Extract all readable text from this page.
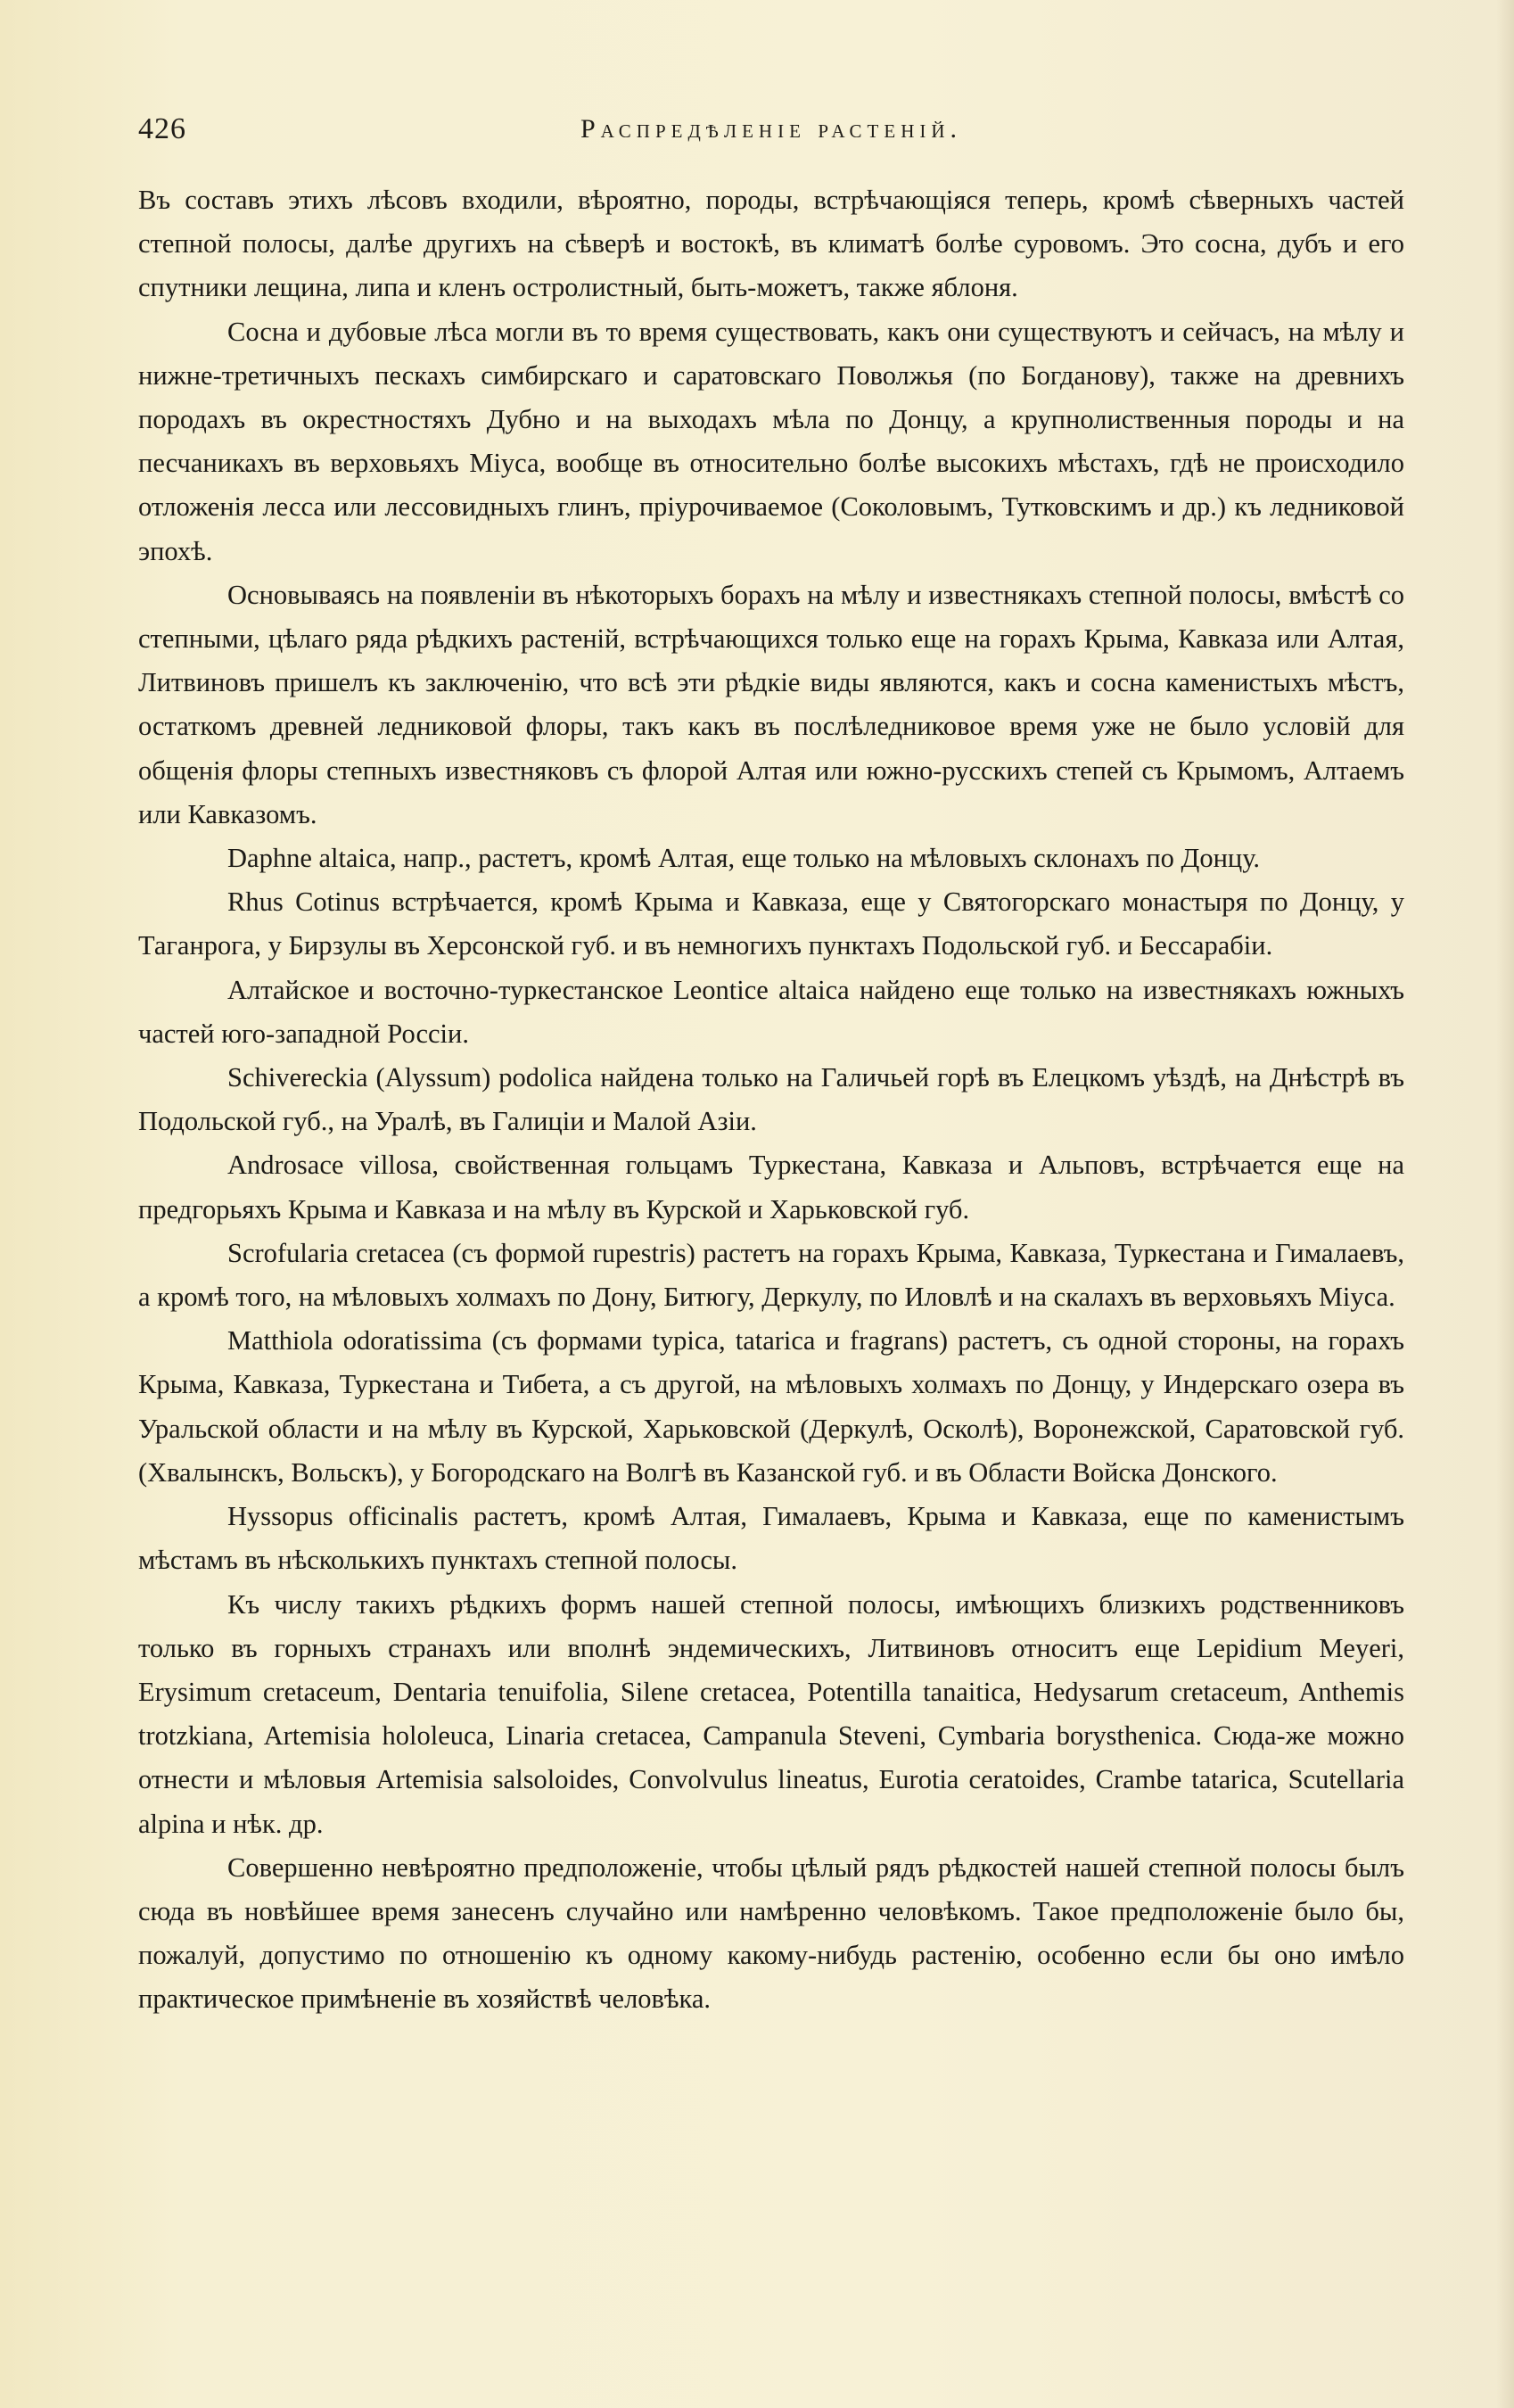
426	Распредѣленіе растеній.

Въ составъ этихъ лѣсовъ входили, вѣроятно, породы, встрѣчающіяся теперь, кромѣ сѣверныхъ частей степной полосы, далѣе другихъ на сѣверѣ и востокѣ, въ климатѣ болѣе суровомъ. Это сосна, дубъ и его спутники лещина, липа и кленъ остролистный, быть-можетъ, также яблоня.

Сосна и дубовые лѣса могли въ то время существовать, какъ они существуютъ и сейчасъ, на мѣлу и нижне-третичныхъ пескахъ симбирскаго и саратовскаго Поволжья (по Богданову), также на древнихъ породахъ въ окрестностяхъ Дубно и на выходахъ мѣла по Донцу, а крупнолиственныя породы и на песчаникахъ въ верховьяхъ Міуса, вообще въ относительно болѣе высокихъ мѣстахъ, гдѣ не происходило отложенія лесса или лессовидныхъ глинъ, пріурочиваемое (Соколовымъ, Тутковскимъ и др.) къ ледниковой эпохѣ.

Основываясь на появленіи въ нѣкоторыхъ борахъ на мѣлу и известнякахъ степной полосы, вмѣстѣ со степными, цѣлаго ряда рѣдкихъ растеній, встрѣчающихся только еще на горахъ Крыма, Кавказа или Алтая, Литвиновъ пришелъ къ заключенію, что всѣ эти рѣдкіе виды являются, какъ и сосна каменистыхъ мѣстъ, остаткомъ древней ледниковой флоры, такъ какъ въ послѣледниковое время уже не было условій для общенія флоры степныхъ известняковъ съ флорой Алтая или южно-русскихъ степей съ Крымомъ, Алтаемъ или Кавказомъ.

Daphne altaica, напр., растетъ, кромѣ Алтая, еще только на мѣловыхъ склонахъ по Донцу.

Rhus Cotinus встрѣчается, кромѣ Крыма и Кавказа, еще у Святогорскаго монастыря по Донцу, у Таганрога, у Бирзулы въ Херсонской губ. и въ немногихъ пунктахъ Подольской губ. и Бессарабіи.

Алтайское и восточно-туркестанское Leontice altaica найдено еще только на известнякахъ южныхъ частей юго-западной Россіи.

Schivereckia (Alyssum) podolica найдена только на Галичьей горѣ въ Елецкомъ уѣздѣ, на Днѣстрѣ въ Подольской губ., на Уралѣ, въ Галиціи и Малой Азіи.

Androsace villosa, свойственная гольцамъ Туркестана, Кавказа и Альповъ, встрѣчается еще на предгорьяхъ Крыма и Кавказа и на мѣлу въ Курской и Харьковской губ.

Scrofularia cretacea (съ формой rupestris) растетъ на горахъ Крыма, Кавказа, Туркестана и Гималаевъ, а кромѣ того, на мѣловыхъ холмахъ по Дону, Битюгу, Деркулу, по Иловлѣ и на скалахъ въ верховьяхъ Міуса.

Matthiola odoratissima (съ формами typica, tatarica и fragrans) растетъ, съ одной стороны, на горахъ Крыма, Кавказа, Туркестана и Тибета, а съ другой, на мѣловыхъ холмахъ по Донцу, у Индерскаго озера въ Уральской области и на мѣлу въ Курской, Харьковской (Деркулѣ, Осколѣ), Воронежской, Саратовской губ. (Хвалынскъ, Вольскъ), у Богородскаго на Волгѣ въ Казанской губ. и въ Области Войска Донского.

Hyssopus officinalis растетъ, кромѣ Алтая, Гималаевъ, Крыма и Кавказа, еще по каменистымъ мѣстамъ въ нѣсколькихъ пунктахъ степной полосы.

Къ числу такихъ рѣдкихъ формъ нашей степной полосы, имѣющихъ близкихъ родственниковъ только въ горныхъ странахъ или вполнѣ эндемическихъ, Литвиновъ относитъ еще Lepidium Meyeri, Erysimum cretaceum, Dentaria tenuifolia, Silene cretacea, Potentilla tanaitica, Hedysarum cretaceum, Anthemis trotzkiana, Artemisia hololeuca, Linaria cretacea, Campanula Steveni, Cymbaria borysthenica. Сюда-же можно отнести и мѣловыя Artemisia salsoloides, Convolvulus lineatus, Eurotia ceratoides, Crambe tatarica, Scutellaria alpina и нѣк. др.

Совершенно невѣроятно предположеніе, чтобы цѣлый рядъ рѣдкостей нашей степной полосы былъ сюда въ новѣйшее время занесенъ случайно или намѣренно человѣкомъ. Такое предположеніе было бы, пожалуй, допустимо по отношенію къ одному какому-нибудь растенію, особенно если бы оно имѣло практическое примѣненіе въ хозяйствѣ человѣка.
